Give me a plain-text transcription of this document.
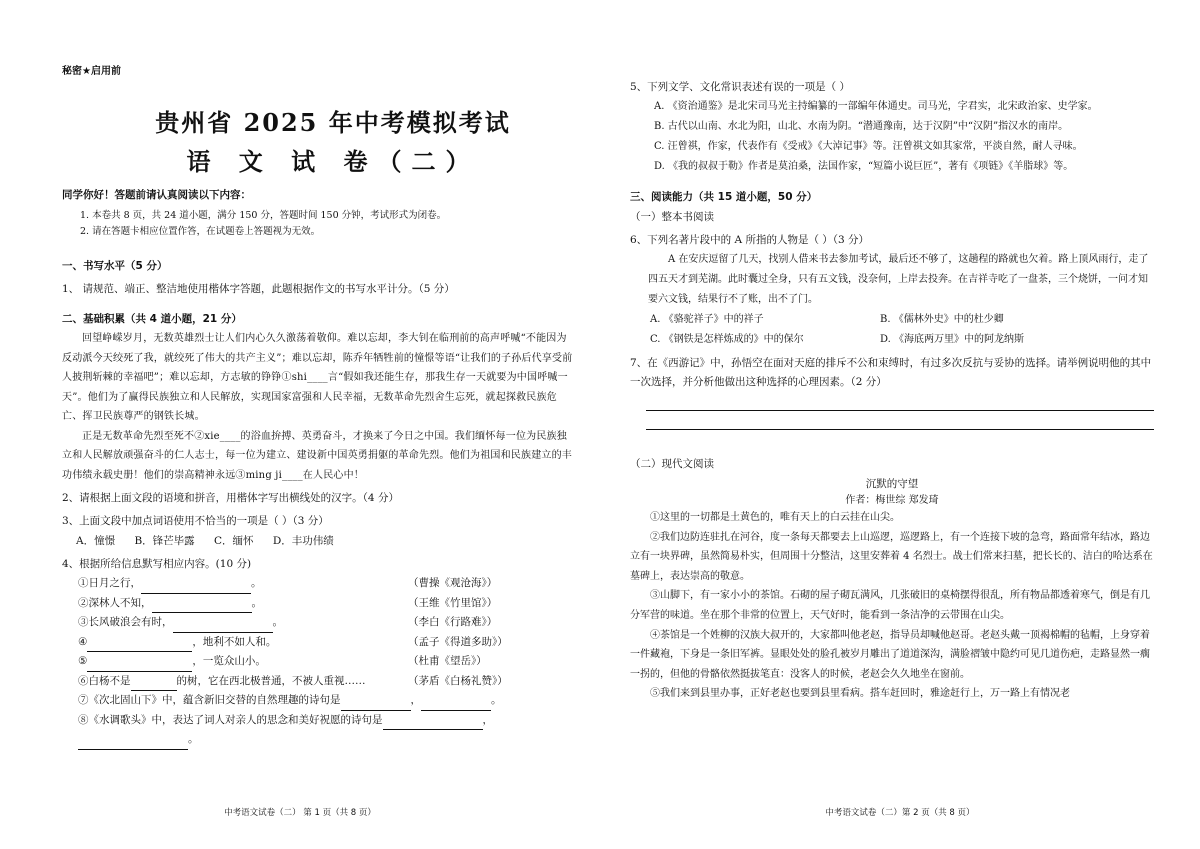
秘密★启用前
贵州省 2025 年中考模拟考试
语 文 试 卷（二）
同学你好！答题前请认真阅读以下内容：
1. 本卷共 8 页，共 24 道小题，满分 150 分，答题时间 150 分钟，考试形式为闭卷。
2. 请在答题卡相应位置作答，在试题卷上答题视为无效。
一、书写水平（5 分）
1、 请规范、端正、整洁地使用楷体字答题，此题根据作文的书写水平计分。（5 分）
二、基础积累（共 4 道小题，21 分）
回望峥嵘岁月，无数英雄烈士让人们内心久久激荡着敬仰。难以忘却，李大钊在临刑前的高声呼喊“不能因为反动派今天绞死了我，就绞死了伟大的共产主义”；难以忘却，陈乔年牺牲前的憧憬等语“让我们的子孙后代享受前人披荆斩棘的幸福吧”；难以忘却，方志敏的铮铮①shi____言“假如我还能生存，那我生存一天就要为中国呼喊一天”。他们为了赢得民族独立和人民解放，实现国家富强和人民幸福，无数革命先烈舍生忘死，就起探救民族危亡、挥卫民族尊严的钢铁长城。
正是无数革命先烈至死不②xie____的浴血拚搏、英勇奋斗，才换来了今日之中国。我们缅怀每一位为民族独立和人民解放顽强奋斗的仁人志士，每一位为建立、建设新中国英勇捐躯的革命先烈。他们为祖国和民族建立的丰功伟绩永载史册！他们的崇高精神永远③ming ji____在人民心中！
2、请根据上面文段的语境和拼音，用楷体字写出横线处的汉字。（4 分）
3、上面文段中加点词语使用不恰当的一项是（ ）（3 分）
A．憧憬 B．锋芒毕露 C．缅怀 D．丰功伟绩
4、根据所给信息默写相应内容。(10 分)
①日月之行，	。	（曹操《观沧海》）
②深林人不知，	。	（王维《竹里馆》）
③长风破浪会有时，	。	（李白《行路难》）
④	，地利不如人和。	（孟子《得道多助》）
⑤	，一览众山小。	（杜甫《望岳》）
⑥白杨不是	的树，它在西北极普通，不被人重视……	（茅盾《白杨礼赞》）
⑦《次北固山下》中，蕴含新旧交替的自然理趣的诗句是	，	。
⑧《水调歌头》中，表达了词人对亲人的思念和美好祝愿的诗句是	，
。
中考语文试卷（二） 第 1 页（共 8 页）
5、下列文学、文化常识表述有误的一项是（ ）
A. 《资治通鉴》是北宋司马光主持编纂的一部编年体通史。司马光，字君实，北宋政治家、史学家。
B. 古代以山南、水北为阳，山北、水南为阴。“潜通豫南，达于汉阴”中“汉阴”指汉水的南岸。
C. 汪曾祺，作家，代表作有《受戒》《大淖记事》等。汪曾祺文如其家常，平淡自然，耐人寻味。
D. 《我的叔叔于勒》作者是莫泊桑，法国作家，“短篇小说巨匠”，著有《项链》《羊脂球》等。
三、阅读能力（共 15 道小题，50 分）
（一）整本书阅读
6、下列名著片段中的 A 所指的人物是（ ）（3 分）
A 在安庆逗留了几天，找别人借来书去参加考试，最后还不够了，这趟程的路就也欠着。路上顶风雨行，走了四五天才到芜湖。此时囊过全身，只有五文钱，没奈何，上岸去投奔。在吉祥寺吃了一盘茶，三个烧饼，一问才知要六文钱，结果行不了账，出不了门。
A. 《骆驼祥子》中的祥子	B. 《儒林外史》中的杜少卿
C. 《钢铁是怎样炼成的》中的保尔	D. 《海底两万里》中的阿龙纳斯
7、在《西游记》中，孙悟空在面对天庭的排斥不公和束缚时，有过多次反抗与妥协的选择。请举例说明他的其中一次选择，并分析他做出这种选择的心理因素。（2 分）
（二）现代文阅读
沉默的守望
作者：梅世综 郑发琦
①这里的一切都是土黄色的，唯有天上的白云挂在山尖。
②我们边防连驻扎在河谷，度一条每天都要去上山巡逻，巡逻路上，有一个连接下坡的急弯，路面常年结冰，路边立有一块界碑，虽然简易朴实，但周围十分整洁，这里安葬着 4 名烈士。战士们常来扫墓，把长长的、洁白的哈达系在墓碑上，表达崇高的敬意。
③山脚下，有一家小小的茶馆。石砌的屋子砌瓦满风，几张破旧的桌椅摆得很乱，所有物品都透着寒气，倒是有几分军营的味道。坐在那个非常的位置上，天气好时，能看到一条洁净的云带围在山尖。
④茶馆是一个姓柳的汉族大叔开的，大家都叫他老赵，指导员却喊他赵哥。老赵头戴一顶褐棉帽的毡帽，上身穿着一件藏袍，下身是一条旧军裤。显眼处处的脸孔被岁月雕出了道道深沟，满脸褶皱中隐约可见几道伤疤，走路显然一瘸一拐的，但他的骨骼依然挺拔笔直：没客人的时候，老赵会久久地坐在窗前。
⑤我们来到县里办事，正好老赵也要到县里看病。搭车赶回时，雅途赶行上，万一路上有情况老
中考语文试卷（二）第 2 页（共 8 页）
